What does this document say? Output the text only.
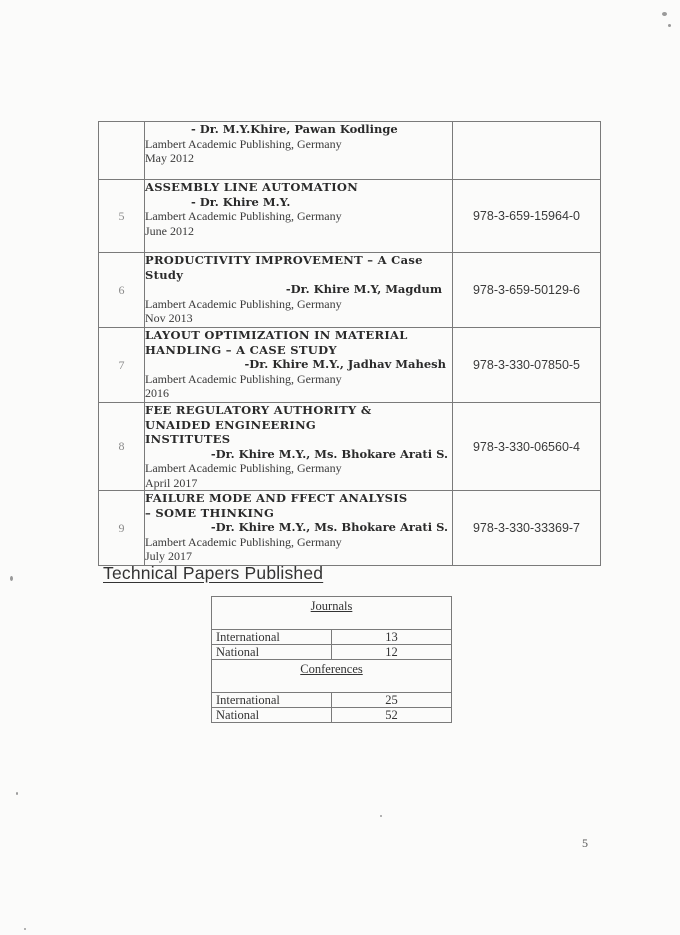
	- Dr. M.Y.Khire, Pawan Kodlinge
Lambert Academic Publishing, Germany
May 2012	

5	ASSEMBLY LINE AUTOMATION
- Dr. Khire M.Y.
Lambert Academic Publishing, Germany
June 2012	978-3-659-15964-0
6	PRODUCTIVITY IMPROVEMENT – A Case Study
-Dr. Khire M.Y, Magdum
Lambert Academic Publishing, Germany
Nov 2013	978-3-659-50129-6
7	LAYOUT OPTIMIZATION IN MATERIAL HANDLING – A CASE STUDY
-Dr. Khire M.Y., Jadhav Mahesh
Lambert Academic Publishing, Germany
2016	978-3-330-07850-5
8	FEE REGULATORY AUTHORITY & UNAIDED ENGINEERING INSTITUTES
-Dr. Khire M.Y., Ms. Bhokare Arati S.
Lambert Academic Publishing, Germany
April 2017	978-3-330-06560-4
9	FAILURE MODE AND FFECT ANALYSIS – SOME THINKING
-Dr. Khire M.Y., Ms. Bhokare Arati S.
Lambert Academic Publishing, Germany
July 2017	978-3-330-33369-7
Technical Papers Published
Journals	
International	13
National	12
Conferences	
International	25
National	52
5
